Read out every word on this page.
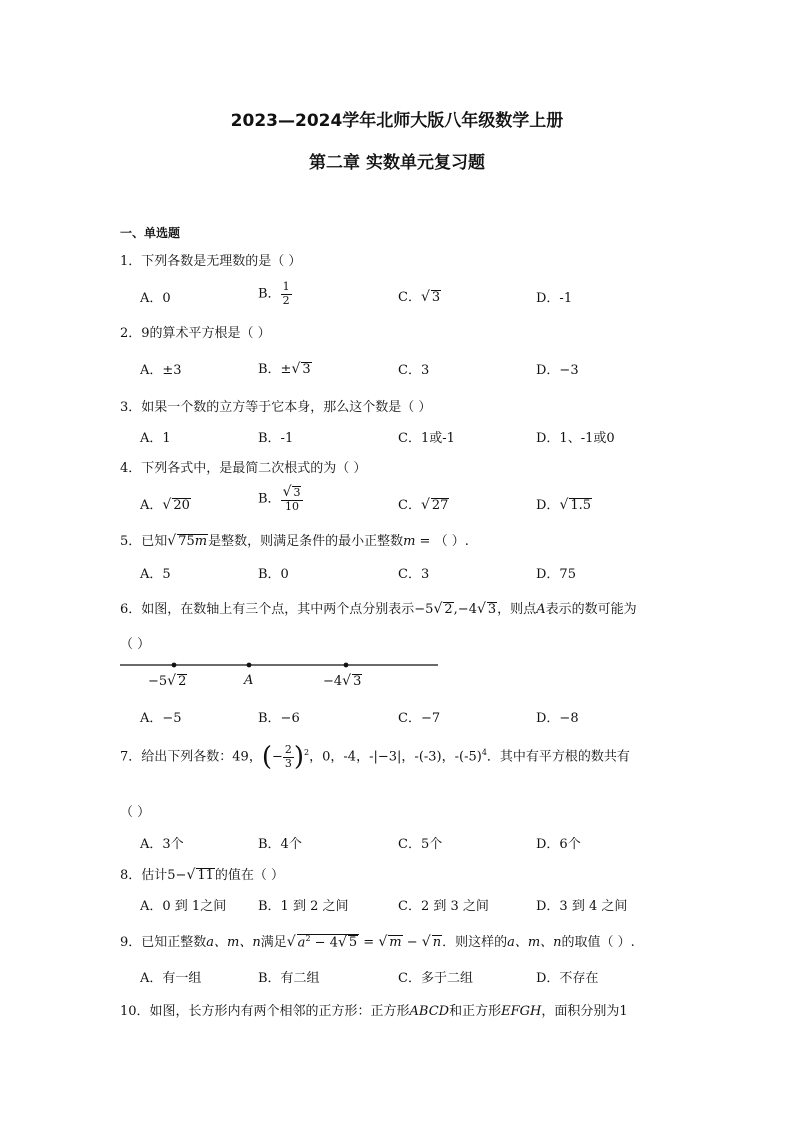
2023—2024学年北师大版八年级数学上册
第二章 实数单元复习题
一、单选题
1．下列各数是无理数的是（ ）
A．0	B． $\frac{1}{2}$	C．√ 3	D．-1
2．9的算术平方根是（ ）
A．±3	B．±√ 3	C．3	D．−3
3．如果一个数的立方等于它本身，那么这个数是（ ）
A．1	B．-1	C．1或-1	D．1、-1或0
4．下列各式中，是最简二次根式的为（ ）
A．√ 20	B． $\frac{√ 3}{10}$	C．√ 27	D．√ 1.5
5．已知√ 75m是整数，则满足条件的最小正整数m = （ ）.
A．5	B．0	C．3	D．75
6．如图，在数轴上有三个点，其中两个点分别表示−5√ 2,−4√ 3，则点A表示的数可能为
（ ）
−5√ 2	A	−4√ 3
A．−5	B．−6	C．−7	D．−8
7．给出下列各数：49，(− $\frac{2}{3} )^2$，0，-4，-|−3|，-(-3)，$-(-5)^4$．其中有平方根的数共有
（ ）
A．3个	B．4个	C．5个	D．6个
8．估计5−√ 11的值在（ ）
A．0 到 1之间 B．1 到 2 之间	C．2 到 3 之间	D．3 到 4 之间
9．已知正整数a、m、n满足√ $a^2 - 4√$ 5 = √ m − √ n．则这样的a、m、n的取值（ ）.
A．有一组	B．有二组	C．多于二组	D．不存在
10．如图，长方形内有两个相邻的正方形：正方形ABCD和正方形EFGH，面积分别为1
